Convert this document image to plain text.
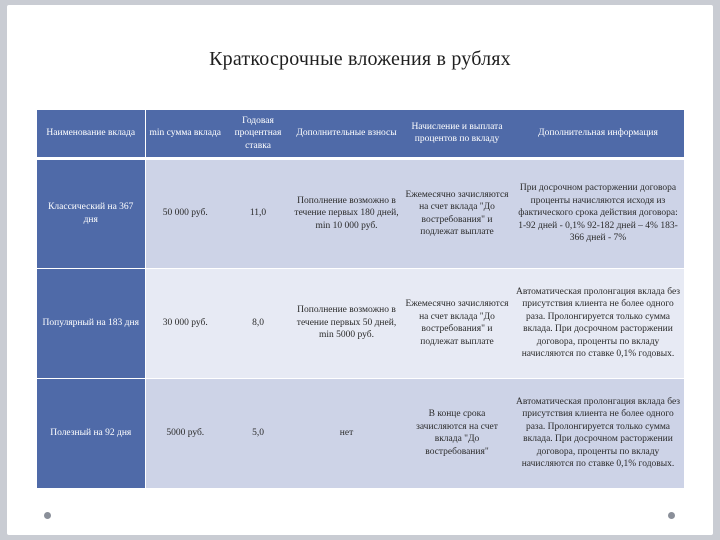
Краткосрочные вложения в рублях
Наименование вклада	min сумма вклада	Годовая процентная ставка	Дополнительные взносы	Начисление и выплата процентов по вкладу	Дополнительная информация
Классический на 367 дня	50 000 руб.	11,0	Пополнение возможно в течение первых 180 дней, min 10 000 руб.	Ежемесячно зачисляются на счет вклада "До востребования" и подлежат выплате	При досрочном расторжении договора проценты начисляются исходя из фактического срока действия договора: 1-92 дней - 0,1% 92-182 дней – 4% 183-366 дней - 7%
Популярный на 183 дня	30 000 руб.	8,0	Пополнение возможно в течение первых 50 дней, min 5000 руб.	Ежемесячно зачисляются на счет вклада "До востребования" и подлежат выплате	Автоматическая пролонгация вклада без присутствия клиента не более одного раза. Пролонгируется только сумма вклада. При досрочном расторжении договора, проценты по вкладу начисляются по ставке 0,1% годовых.
Полезный на 92 дня	5000 руб.	5,0	нет	В конце срока зачисляются на счет вклада "До востребования"	Автоматическая пролонгация вклада без присутствия клиента не более одного раза. Пролонгируется только сумма вклада. При досрочном расторжении договора, проценты по вкладу начисляются по ставке 0,1% годовых.
